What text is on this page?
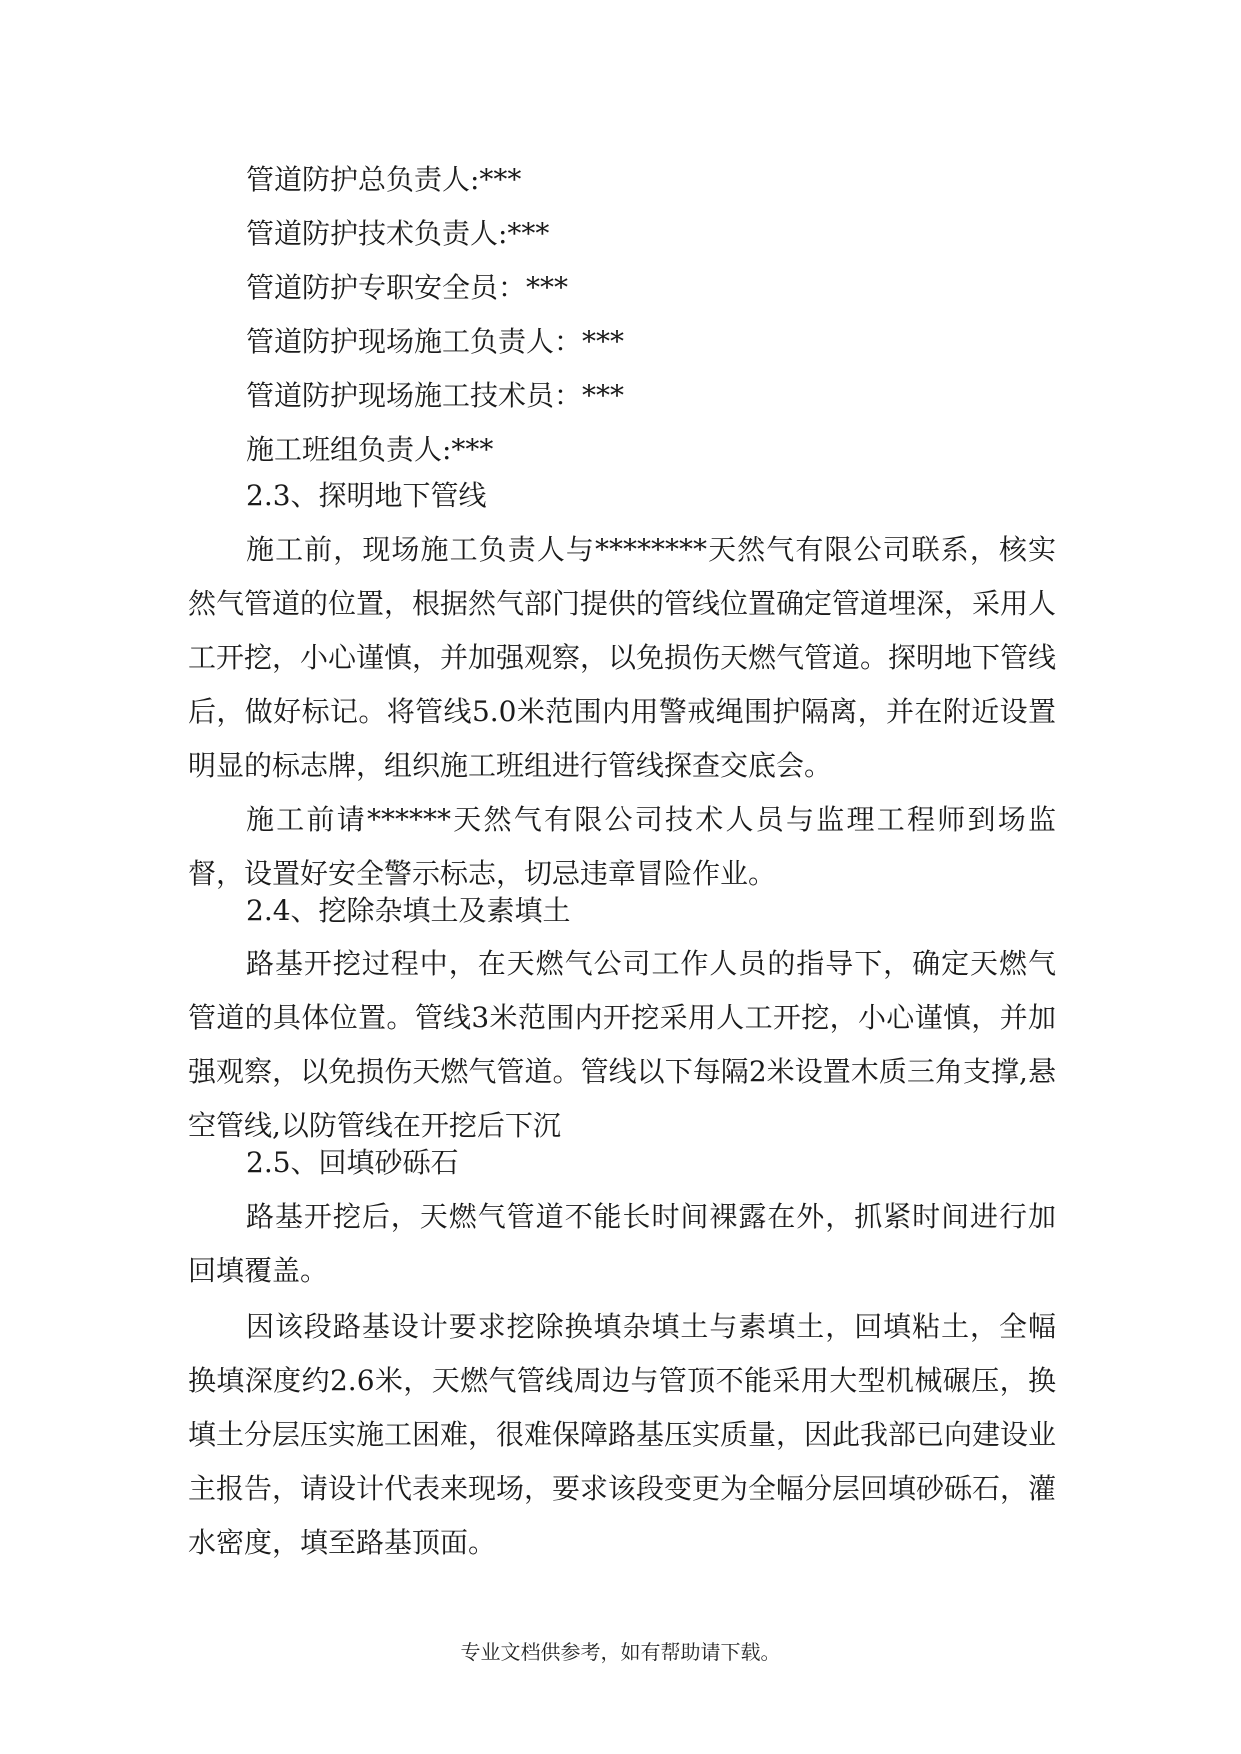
管道防护总负责人:***

管道防护技术负责人:***

管道防护专职安全员：***

管道防护现场施工负责人：***

管道防护现场施工技术员：***

施工班组负责人:***

2.3、探明地下管线

施工前，现场施工负责人与********天然气有限公司联系，核实然气管道的位置，根据然气部门提供的管线位置确定管道埋深，采用人工开挖，小心谨慎，并加强观察，以免损伤天燃气管道。探明地下管线后，做好标记。将管线5.0米范围内用警戒绳围护隔离，并在附近设置明显的标志牌，组织施工班组进行管线探查交底会。

施工前请******天然气有限公司技术人员与监理工程师到场监督，设置好安全警示标志，切忌违章冒险作业。

2.4、挖除杂填土及素填土

路基开挖过程中，在天燃气公司工作人员的指导下，确定天燃气管道的具体位置。管线3米范围内开挖采用人工开挖，小心谨慎，并加强观察，以免损伤天燃气管道。管线以下每隔2米设置木质三角支撑,悬空管线,以防管线在开挖后下沉

2.5、回填砂砾石

路基开挖后，天燃气管道不能长时间裸露在外，抓紧时间进行加回填覆盖。

因该段路基设计要求挖除换填杂填土与素填土，回填粘土，全幅换填深度约2.6米，天燃气管线周边与管顶不能采用大型机械碾压，换填土分层压实施工困难，很难保障路基压实质量，因此我部已向建设业主报告，请设计代表来现场，要求该段变更为全幅分层回填砂砾石，灌水密度，填至路基顶面。

专业文档供参考，如有帮助请下载。
